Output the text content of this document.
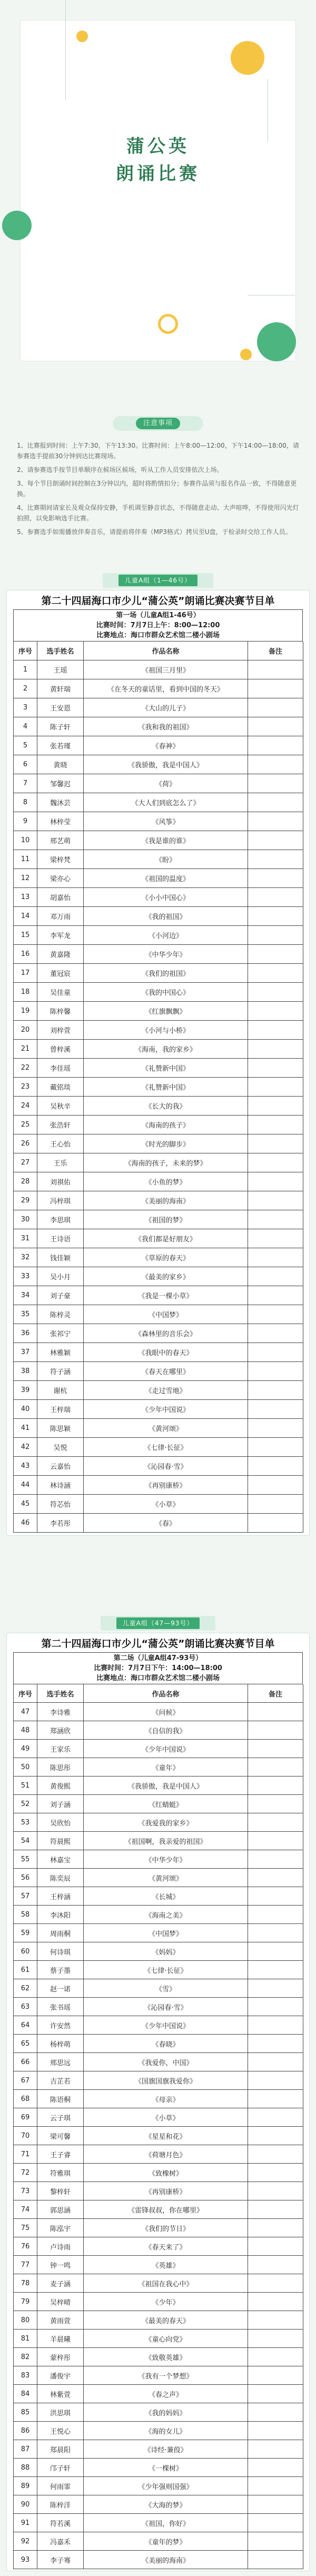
蒲公英
朗诵比赛
注意事项

1、比赛报到时间：上午7:30，下午13:30。比赛时间：上午8:00—12:00，下午14:00—18:00，请参赛选手提前30分钟到达比赛现场。

2、请参赛选手按节目单顺序在候场区候场，听从工作人员安排依次上场。

3、每个节目朗诵时间控制在3分钟以内，超时将酌情扣分；参赛作品须与报名作品一致，不得随意更换。

4、比赛期间请家长及观众保持安静，手机调至静音状态，不得随意走动、大声喧哗，不得使用闪光灯拍照，以免影响选手比赛。

5、参赛选手如需播放伴奏音乐，请提前将伴奏（MP3格式）拷贝至U盘，于检录时交给工作人员。

儿童A组（1—46号）
第二十四届海口市少儿“蒲公英”朗诵比赛决赛节目单
第一场（儿童A组1-46号）
比赛时间：7月7日上午：8:00—12:00
比赛地点：海口市群众艺术馆二楼小剧场
序号	选手姓名	作品名称	备注
1	王瑶	《祖国三月里》
2	黄轩瑞	《在冬天的童话里，看到中国的冬天》
3	王安恩	《大山的儿子》
4	陈子轩	《我和我的祖国》
5	张若瑾	《春神》
6	黄晓	《我骄傲，我是中国人》
7	邹馨迟	《荷》
8	魏沐芸	《大人们到底怎么了》
9	林梓莹	《风筝》
10	邢艺萌	《我是谁的谁》
11	梁梓梵	《盼》
12	梁亦心	《祖国的温度》
13	胡嘉怡	《小小中国心》
14	邓万雨	《我的祖国》
15	李军龙	《小河边》
16	黄嘉隆	《中华少年》
17	董冠宸	《我们的祖国》
18	吴佳童	《我的中国心》
19	陈梓馨	《红旗飘飘》
20	刘梓萱	《小河与小桥》
21	曾梓溪	《海南，我的家乡》
22	李佳瑶	《礼赞新中国》
23	戴铭琰	《礼赞新中国》
24	吴秋辛	《长大的我》
25	张浩轩	《海南的孩子》
26	王心怡	《时光的脚步》
27	王乐	《海南的孩子，未来的梦》
28	刘祺佑	《小鱼的梦》
29	冯梓琪	《美丽的海南》
30	李思琪	《祖国的梦》
31	王诗语	《我们都是好朋友》
32	钱佳颖	《草原的春天》
33	吴小月	《最美的家乡》
34	刘子豪	《我是一棵小草》
35	陈梓灵	《中国梦》
36	张祁宁	《森林里的音乐会》
37	林雅颖	《我眼中的春天》
38	符子涵	《春天在哪里》
39	谢杭	《走过雪地》
40	王梓瑞	《少年中国说》
41	陈思颖	《黄河颂》
42	吴悦	《七律·长征》
43	云嘉怡	《沁园春·雪》
44	林诗涵	《再别康桥》
45	符芯怡	《小草》
46	李若彤	《春》
儿童A组（47—93号）
第二十四届海口市少儿“蒲公英”朗诵比赛决赛节目单
第二场（儿童A组47-93号）
比赛时间：7月7日下午：14:00—18:00
比赛地点：海口市群众艺术馆二楼小剧场
序号	选手姓名	作品名称	备注
47	李诗雅	《问候》
48	郑涵欣	《自信的我》
49	王家乐	《少年中国说》
50	陈思彤	《童年》
51	黄俊熙	《我骄傲，我是中国人》
52	刘子涵	《红蜻蜓》
53	吴欣怡	《我爱我的家乡》
54	符晨熙	《祖国啊，我亲爱的祖国》
55	林嘉宝	《中华少年》
56	陈奕辰	《黄河颂》
57	王梓涵	《长城》
58	李沐阳	《海南之美》
59	周雨桐	《中国梦》
60	何诗琪	《妈妈》
61	蔡子墨	《七律·长征》
62	赵一诺	《雪》
63	张书瑶	《沁园春·雪》
64	许安然	《少年中国说》
65	杨梓萌	《春晓》
66	邢思远	《我爱你，中国》
67	吉芷若	《国旗国旗我爱你》
68	陈语桐	《母亲》
69	云子琪	《小草》
70	梁可馨	《星星和花》
71	王子睿	《荷塘月色》
72	符雅琪	《致橡树》
73	黎梓轩	《再别康桥》
74	郭思涵	《雷锋叔叔，你在哪里》
75	陈泓宇	《我们的节日》
76	卢诗雨	《春天来了》
77	钟一鸣	《英雄》
78	麦子涵	《祖国在我心中》
79	吴梓晴	《少年》
80	黄雨萱	《最美的春天》
81	羊晨曦	《童心向党》
82	蒙梓彤	《致敬英雄》
83	潘俊宇	《我有一个梦想》
84	林紫萱	《春之声》
85	洪思琪	《我的妈妈》
86	王悦心	《海的女儿》
87	郑晨阳	《诗经·蒹葭》
88	邝子轩	《一棵树》
89	何雨霏	《少年强则国强》
90	陈梓洋	《大海的梦》
91	符若溪	《祖国，你好》
92	冯嘉禾	《童年的梦》
93	李子骞	《美丽的海南》
